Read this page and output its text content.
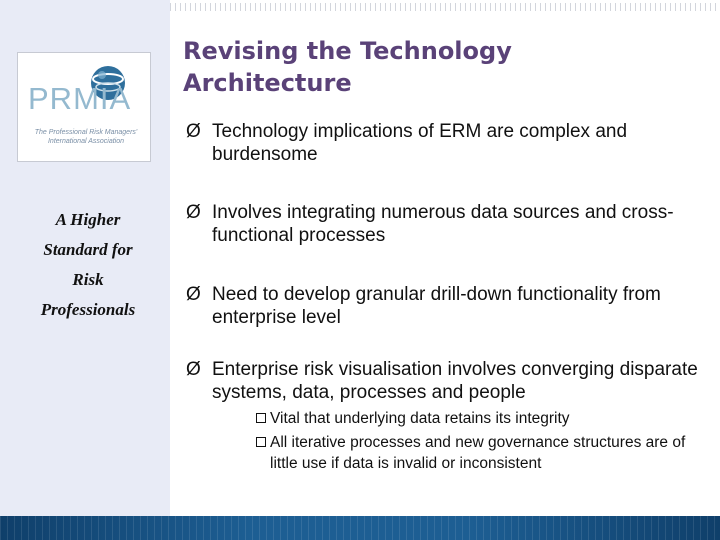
PRMIA
The Professional Risk Managers' International Association
A Higher
Standard for
Risk
Professionals
Revising the Technology Architecture
Ø Technology implications of ERM are complex and burdensome
Ø Involves integrating numerous data sources and cross-functional processes
Ø Need to develop granular drill-down functionality from enterprise level
Ø Enterprise risk visualisation involves converging disparate systems, data, processes and people
Vital that underlying data retains its integrity
All iterative processes and new governance structures are of little use if data is invalid or inconsistent
